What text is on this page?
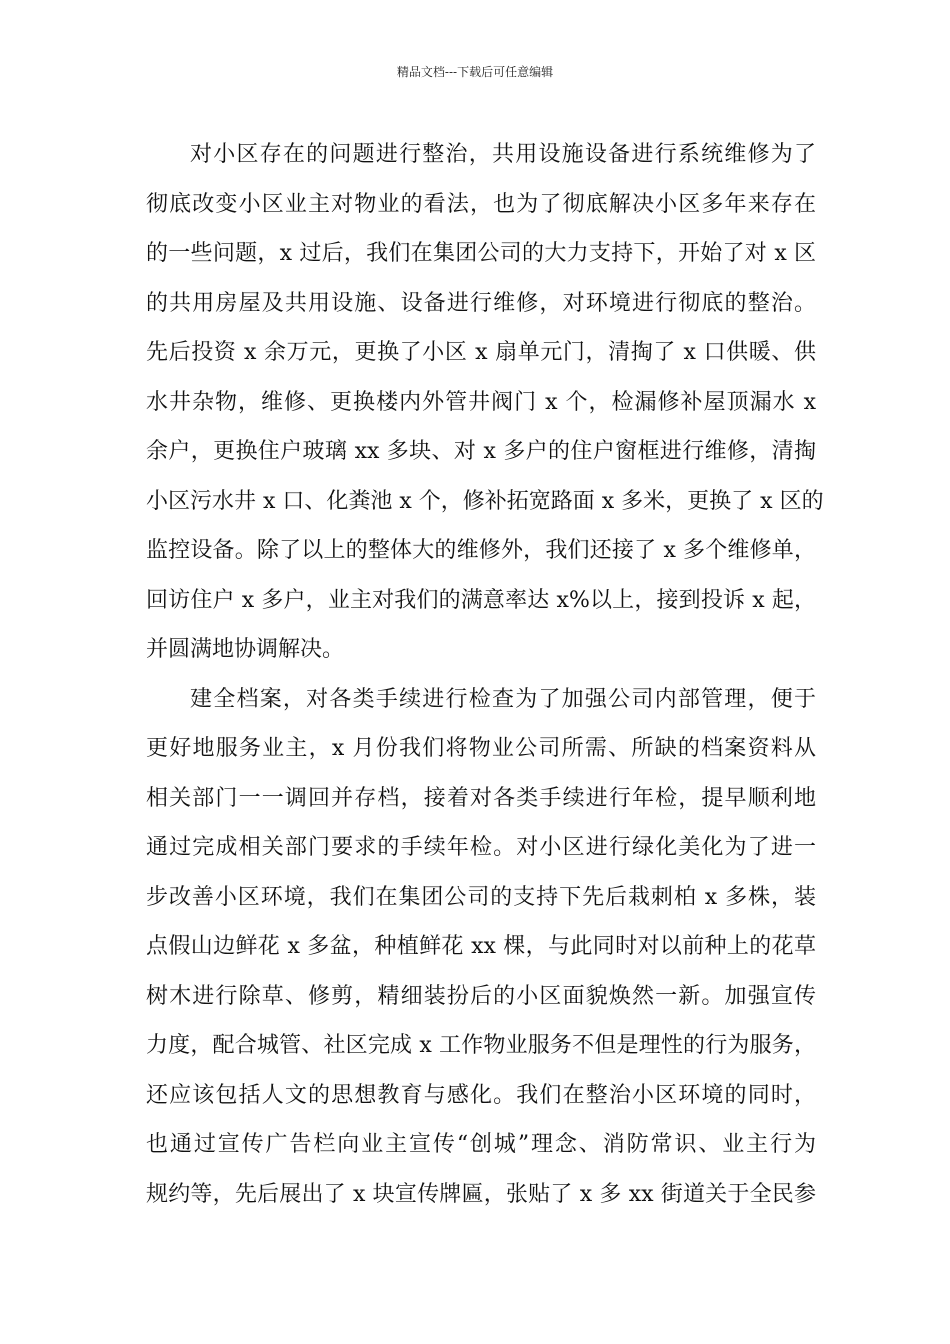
精品文档---下载后可任意编辑
对小区存在的问题进行整治，共用设施设备进行系统维修为了
彻底改变小区业主对物业的看法，也为了彻底解决小区多年来存在
的一些问题，x 过后，我们在集团公司的大力支持下，开始了对 x 区
的共用房屋及共用设施、设备进行维修，对环境进行彻底的整治。
先后投资 x 余万元，更换了小区 x 扇单元门，清掏了 x 口供暖、供
水井杂物，维修、更换楼内外管井阀门 x 个，检漏修补屋顶漏水 x
余户，更换住户玻璃 xx 多块、对 x 多户的住户窗框进行维修，清掏
小区污水井 x 口、化粪池 x 个，修补拓宽路面 x 多米，更换了 x 区的
监控设备。除了以上的整体大的维修外，我们还接了 x 多个维修单，
回访住户 x 多户，业主对我们的满意率达 x%以上，接到投诉 x 起，
并圆满地协调解决。
建全档案，对各类手续进行检查为了加强公司内部管理，便于
更好地服务业主，x 月份我们将物业公司所需、所缺的档案资料从
相关部门一一调回并存档，接着对各类手续进行年检，提早顺利地
通过完成相关部门要求的手续年检。对小区进行绿化美化为了进一
步改善小区环境，我们在集团公司的支持下先后栽刺柏 x 多株，装
点假山边鲜花 x 多盆，种植鲜花 xx 棵，与此同时对以前种上的花草
树木进行除草、修剪，精细装扮后的小区面貌焕然一新。加强宣传
力度，配合城管、社区完成 x 工作物业服务不但是理性的行为服务，
还应该包括人文的思想教育与感化。我们在整治小区环境的同时，
也通过宣传广告栏向业主宣传“创城”理念、消防常识、业主行为
规约等，先后展出了 x 块宣传牌匾，张贴了 x 多 xx 街道关于全民参
